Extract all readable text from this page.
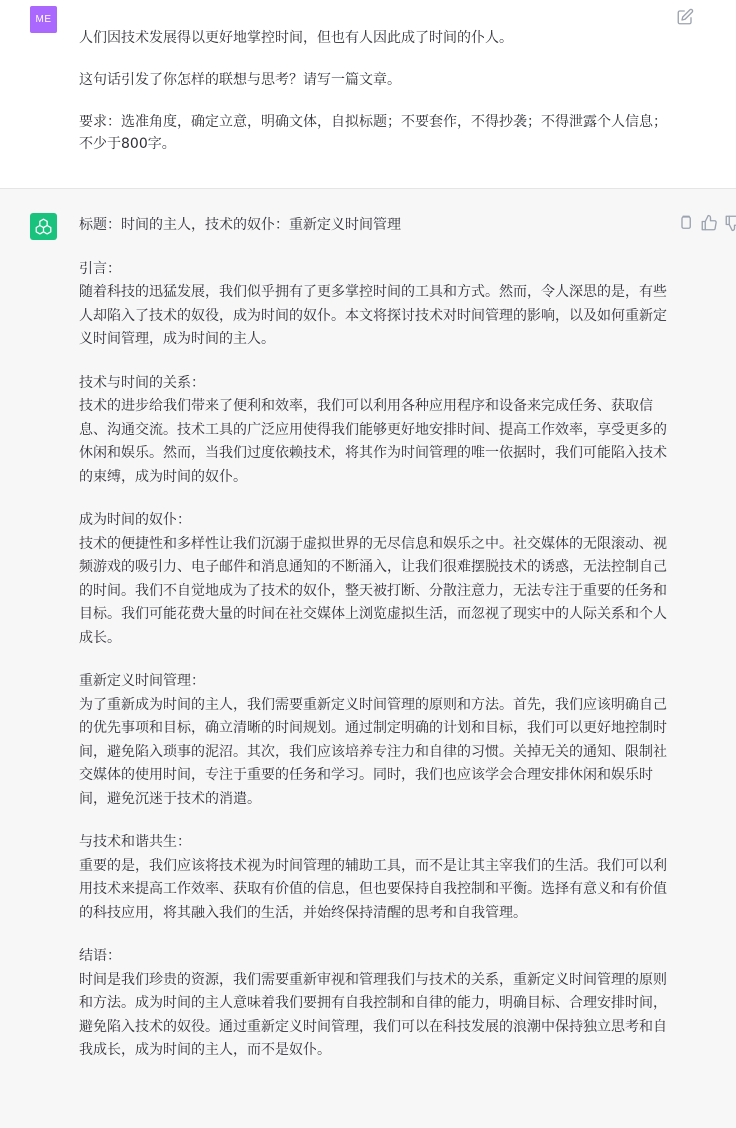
ME

人们因技术发展得以更好地掌控时间，但也有人因此成了时间的仆人。

这句话引发了你怎样的联想与思考？请写一篇文章。

要求：选准角度，确定立意，明确文体，自拟标题；不要套作，不得抄袭；不得泄露个人信息；不少于800字。

标题：时间的主人，技术的奴仆：重新定义时间管理
引言：
随着科技的迅猛发展，我们似乎拥有了更多掌控时间的工具和方式。然而，令人深思的是，有些人却陷入了技术的奴役，成为时间的奴仆。本文将探讨技术对时间管理的影响，以及如何重新定义时间管理，成为时间的主人。
技术与时间的关系：
技术的进步给我们带来了便利和效率，我们可以利用各种应用程序和设备来完成任务、获取信息、沟通交流。技术工具的广泛应用使得我们能够更好地安排时间、提高工作效率，享受更多的休闲和娱乐。然而，当我们过度依赖技术，将其作为时间管理的唯一依据时，我们可能陷入技术的束缚，成为时间的奴仆。
成为时间的奴仆：
技术的便捷性和多样性让我们沉溺于虚拟世界的无尽信息和娱乐之中。社交媒体的无限滚动、视频游戏的吸引力、电子邮件和消息通知的不断涌入，让我们很难摆脱技术的诱惑，无法控制自己的时间。我们不自觉地成为了技术的奴仆，整天被打断、分散注意力，无法专注于重要的任务和目标。我们可能花费大量的时间在社交媒体上浏览虚拟生活，而忽视了现实中的人际关系和个人成长。
重新定义时间管理：
为了重新成为时间的主人，我们需要重新定义时间管理的原则和方法。首先，我们应该明确自己的优先事项和目标，确立清晰的时间规划。通过制定明确的计划和目标，我们可以更好地控制时间，避免陷入琐事的泥沼。其次，我们应该培养专注力和自律的习惯。关掉无关的通知、限制社交媒体的使用时间，专注于重要的任务和学习。同时，我们也应该学会合理安排休闲和娱乐时间，避免沉迷于技术的消遣。
与技术和谐共生：
重要的是，我们应该将技术视为时间管理的辅助工具，而不是让其主宰我们的生活。我们可以利用技术来提高工作效率、获取有价值的信息，但也要保持自我控制和平衡。选择有意义和有价值的科技应用，将其融入我们的生活，并始终保持清醒的思考和自我管理。
结语：
时间是我们珍贵的资源，我们需要重新审视和管理我们与技术的关系，重新定义时间管理的原则和方法。成为时间的主人意味着我们要拥有自我控制和自律的能力，明确目标、合理安排时间，避免陷入技术的奴役。通过重新定义时间管理，我们可以在科技发展的浪潮中保持独立思考和自我成长，成为时间的主人，而不是奴仆。
